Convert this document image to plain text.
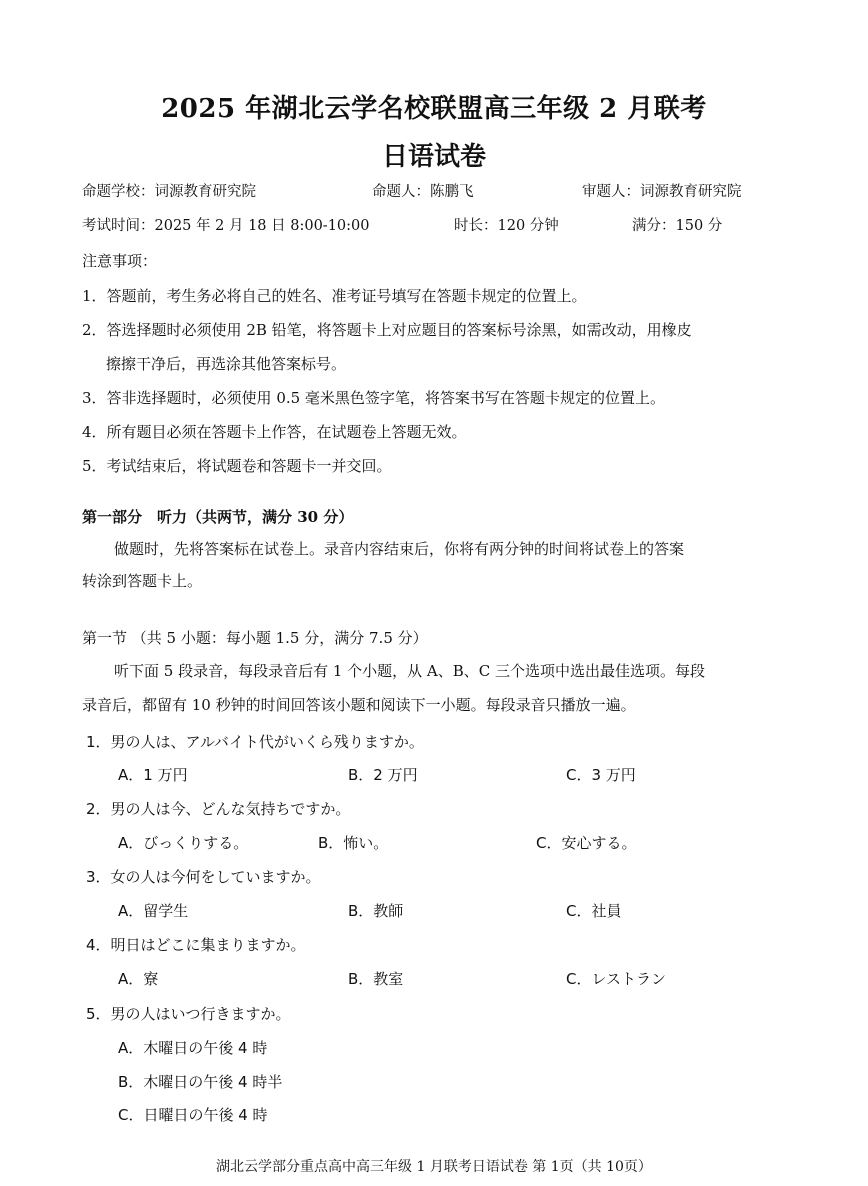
2025 年湖北云学名校联盟高三年级 2 月联考
日语试卷
命题学校：词源教育研究院	命题人：陈鹏飞	审题人：词源教育研究院
考试时间：2025 年 2 月 18 日 8:00-10:00	时长：120 分钟	满分：150 分
注意事项：
1．答题前，考生务必将自己的姓名、准考证号填写在答题卡规定的位置上。
2．答选择题时必须使用 2B 铅笔，将答题卡上对应题目的答案标号涂黑，如需改动，用橡皮
擦擦干净后，再选涂其他答案标号。
3．答非选择题时，必须使用 0.5 毫米黑色签字笔，将答案书写在答题卡规定的位置上。
4．所有题目必须在答题卡上作答，在试题卷上答题无效。
5．考试结束后，将试题卷和答题卡一并交回。
第一部分　听力（共两节，满分 30 分）
做题时，先将答案标在试卷上。录音内容结束后，你将有两分钟的时间将试卷上的答案
转涂到答题卡上。
第一节 （共 5 小题：每小题 1.5 分，满分 7.5 分）
听下面 5 段录音，每段录音后有 1 个小题，从 A、B、C 三个选项中选出最佳选项。每段
录音后，都留有 10 秒钟的时间回答该小题和阅读下一小题。每段录音只播放一遍。
1．男の人は、アルバイト代がいくら残りますか。
A．1 万円	B．2 万円	C．3 万円
2．男の人は今、どんな気持ちですか。
A．びっくりする。	B．怖い。	C．安心する。
3．女の人は今何をしていますか。
A．留学生	B．教師	C．社員
4．明日はどこに集まりますか。
A．寮	B．教室	C．レストラン
5．男の人はいつ行きますか。
A．木曜日の午後 4 時
B．木曜日の午後 4 時半
C．日曜日の午後 4 時
湖北云学部分重点高中高三年级 1 月联考日语试卷 第 1页（共 10页）
